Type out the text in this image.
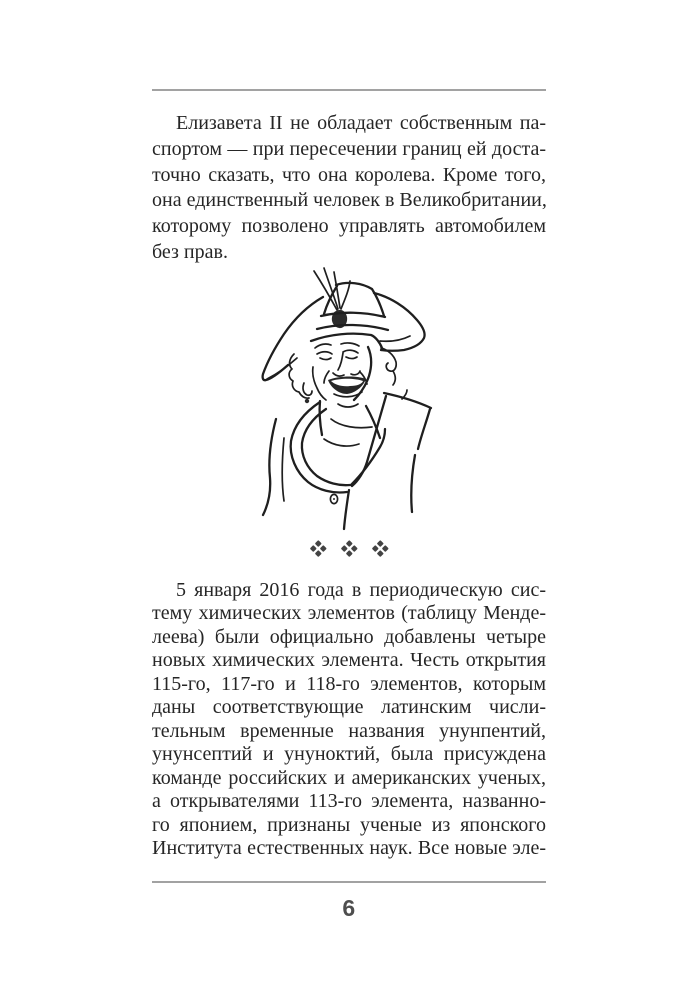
Елизавета II не обладает собственным па-
спортом — при пересечении границ ей доста-
точно сказать, что она королева. Кроме того,
она единственный человек в Великобритании,
которому позволено управлять автомобилем
без прав.
5 января 2016 года в периодическую сис-
тему химических элементов (таблицу Менде-
леева) были официально добавлены четыре
новых химических элемента. Честь открытия
115-го, 117-го и 118-го элементов, которым
даны соответствующие латинским числи-
тельным временные названия унунпентий,
унунсептий и унуноктий, была присуждена
команде российских и американских ученых,
а открывателями 113-го элемента, названно-
го японием, признаны ученые из японского
Института естественных наук. Все новые эле-
6
